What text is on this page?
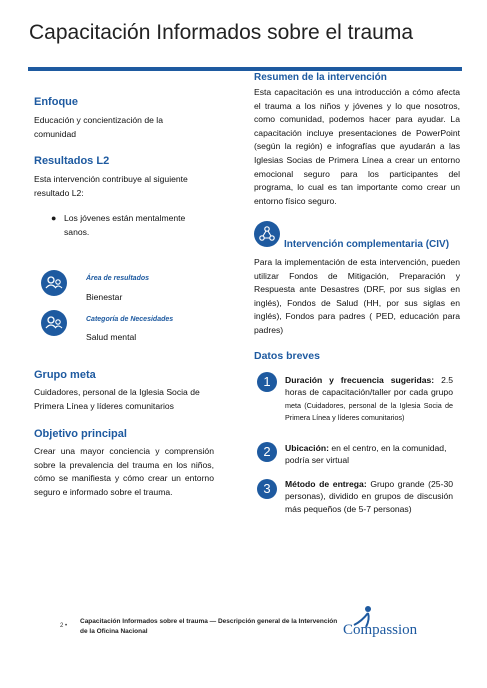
Capacitación Informados sobre el trauma
Enfoque
Educación y concientización de la comunidad
Resultados L2
Esta intervención contribuye al siguiente resultado L2:
● Los jóvenes están mentalmente sanos.
Área de resultados
Bienestar
Categoría de Necesidades
Salud mental
Grupo meta
Cuidadores, personal de la Iglesia Socia de Primera Línea y líderes comunitarios
Objetivo principal
Crear una mayor conciencia y comprensión sobre la prevalencia del trauma en los niños, cómo se manifiesta y cómo crear un entorno seguro e informado sobre el trauma.
Resumen de la intervención
Esta capacitación es una introducción a cómo afecta el trauma a los niños y jóvenes y lo que nosotros, como comunidad, podemos hacer para ayudar. La capacitación incluye presentaciones de PowerPoint (según la región) e infografías que ayudarán a las Iglesias Socias de Primera Línea a crear un entorno emocional seguro para los participantes del programa, lo cual es tan importante como crear un entorno físico seguro.
Intervención complementaria (CIV)
Para la implementación de esta intervención, pueden utilizar Fondos de Mitigación, Preparación y Respuesta ante Desastres (DRF, por sus siglas en inglés), Fondos de Salud (HH, por sus siglas en inglés), Fondos para padres ( PED, educación para padres)
Datos breves
1	Duración y frecuencia sugeridas: 2.5 horas de capacitación/taller por cada grupo meta (Cuidadores, personal de la Iglesia Socia de Primera Línea y líderes comunitarios)
2	Ubicación: en el centro, en la comunidad, podría ser virtual
3	Método de entrega: Grupo grande (25-30 personas), dividido en grupos de discusión más pequeños (de 5-7 personas)
2 •
Capacitación Informados sobre el trauma — Descripción general de la Intervención de la Oficina Nacional	Compassion
